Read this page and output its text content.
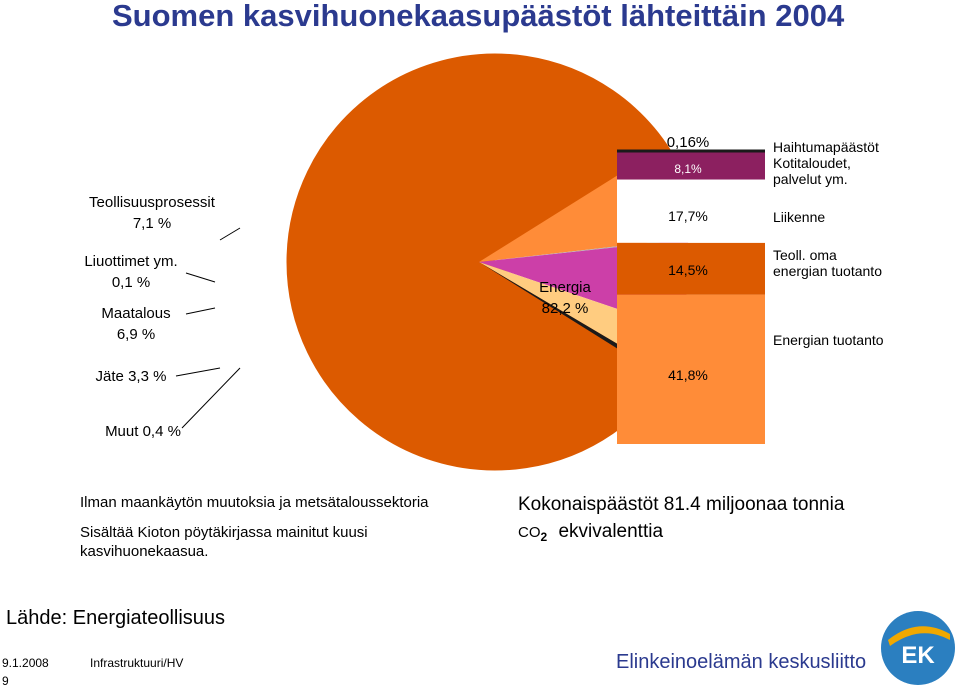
Suomen kasvihuonekaasupäästöt lähteittäin 2004
Teollisuusprosessit
7,1 %
Liuottimet ym.
0,1 %
Maatalous
6,9 %
Jäte 3,3 %
Muut 0,4 %
Energia
82,2 %
0,16%
8,1%
17,7%
14,5%
41,8%
Haihtumapäästöt
Kotitaloudet,
palvelut ym.
Liikenne
Teoll. oma
energian tuotanto
Energian tuotanto
Ilman maankäytön muutoksia ja metsätaloussektoria
Sisältää Kioton pöytäkirjassa mainitut kuusi
kasvihuonekaasua.
Kokonaispäästöt 81.4 miljoonaa tonnia
$CO_2$ ekvivalenttia
Lähde: Energiateollisuus
9.1.2008	Infrastruktuuri/HV
9
Elinkeinoelämän keskusliitto EK
